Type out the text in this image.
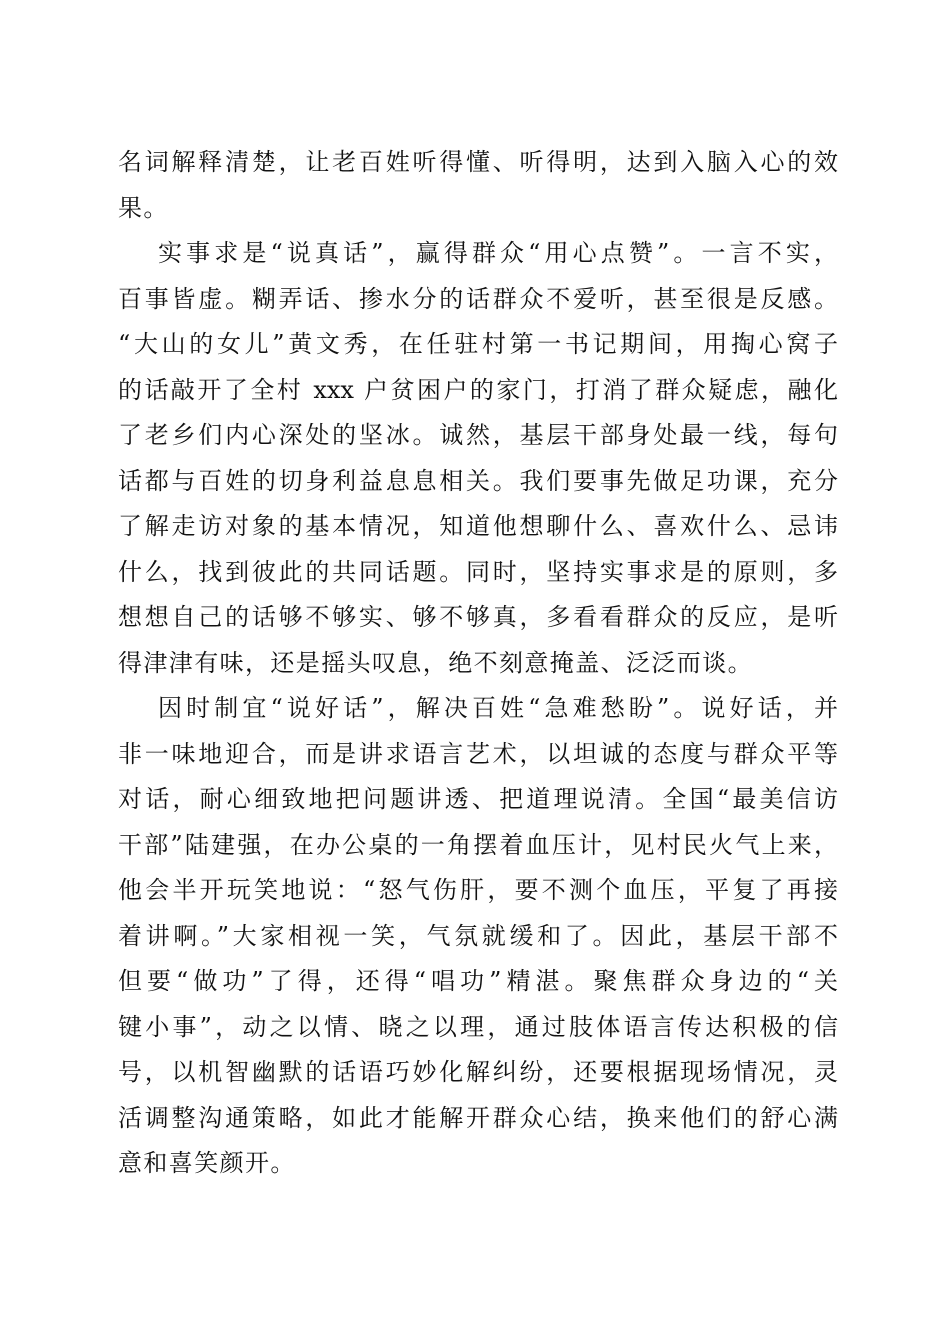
名词解释清楚，让老百姓听得懂、听得明，达到入脑入心的效
果。
实事求是“说真话”，赢得群众“用心点赞”。一言不实，
百事皆虚。糊弄话、掺水分的话群众不爱听，甚至很是反感。
“大山的女儿”黄文秀，在任驻村第一书记期间，用掏心窝子
的话敲开了全村 xxx 户贫困户的家门，打消了群众疑虑，融化
了老乡们内心深处的坚冰。诚然，基层干部身处最一线，每句
话都与百姓的切身利益息息相关。我们要事先做足功课，充分
了解走访对象的基本情况，知道他想聊什么、喜欢什么、忌讳
什么，找到彼此的共同话题。同时，坚持实事求是的原则，多
想想自己的话够不够实、够不够真，多看看群众的反应，是听
得津津有味，还是摇头叹息，绝不刻意掩盖、泛泛而谈。
因时制宜“说好话”，解决百姓“急难愁盼”。说好话，并
非一味地迎合，而是讲求语言艺术，以坦诚的态度与群众平等
对话，耐心细致地把问题讲透、把道理说清。全国“最美信访
干部”陆建强，在办公桌的一角摆着血压计，见村民火气上来，
他会半开玩笑地说：“怒气伤肝，要不测个血压，平复了再接
着讲啊。”大家相视一笑，气氛就缓和了。因此，基层干部不
但要“做功”了得，还得“唱功”精湛。聚焦群众身边的“关
键小事”，动之以情、晓之以理，通过肢体语言传达积极的信
号，以机智幽默的话语巧妙化解纠纷，还要根据现场情况，灵
活调整沟通策略，如此才能解开群众心结，换来他们的舒心满
意和喜笑颜开。
